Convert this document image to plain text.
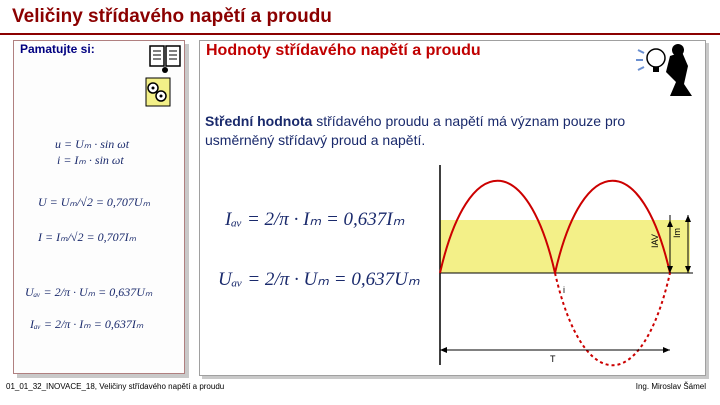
Veličiny střídavého napětí a proudu
Pamatujte si:
u = Uₘ · sin ωt
i = Iₘ · sin ωt
U = Uₘ/√2 = 0,707Uₘ
I = Iₘ/√2 = 0,707Iₘ
Uₐᵥ = 2/π · Uₘ = 0,637Uₘ
Iₐᵥ = 2/π · Iₘ = 0,637Iₘ
Hodnoty střídavého napětí a proudu
Střední hodnota střídavého proudu a napětí má význam pouze pro usměrněný střídavý proud a napětí.
Iₐᵥ = 2/π · Iₘ = 0,637Iₘ
Uₐᵥ = 2/π · Uₘ = 0,637Uₘ
IAV
Im
i
T
01_01_32_INOVACE_18, Veličiny střídavého napětí a proudu	Ing. Miroslav Šámel
